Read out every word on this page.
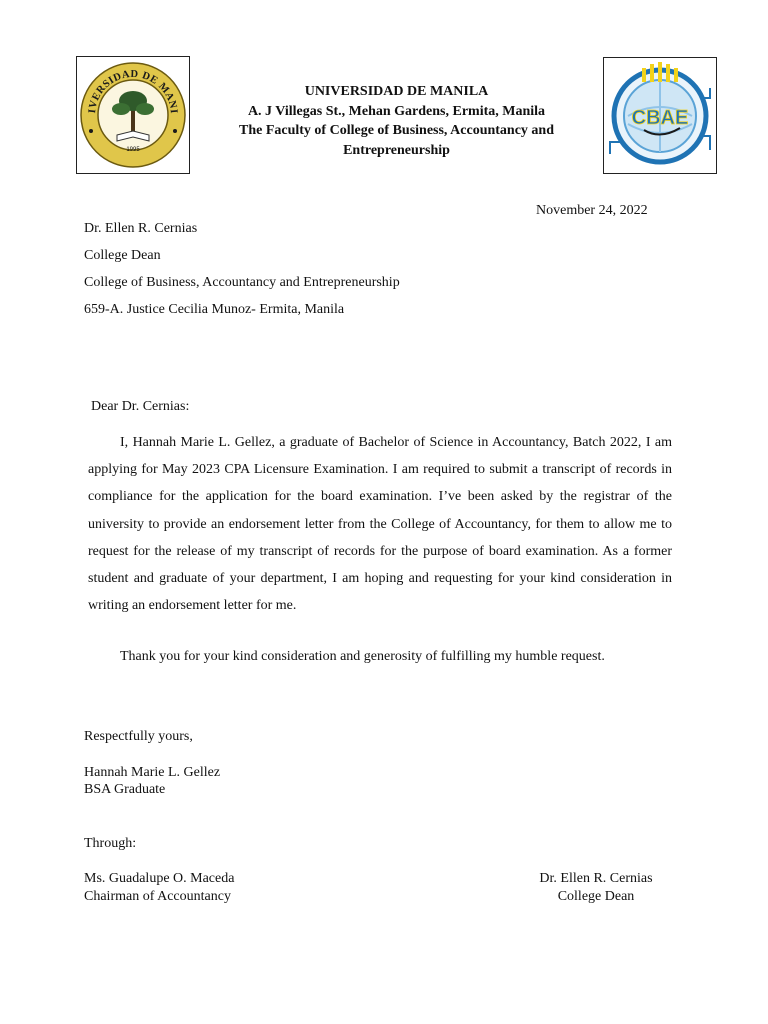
IVERSIDAD DE MANI
1995
UNIVERSIDAD DE MANILA
A. J Villegas St., Mehan Gardens, Ermita, Manila
The Faculty of College of Business, Accountancy and
Entrepreneurship
CBAE
November 24, 2022
Dr. Ellen R. Cernias
College Dean
College of Business, Accountancy and Entrepreneurship
659-A. Justice Cecilia Munoz- Ermita, Manila
Dear Dr. Cernias:
I, Hannah Marie L. Gellez, a graduate of Bachelor of Science in Accountancy, Batch 2022, I am applying for May 2023 CPA Licensure Examination. I am required to submit a transcript of records in compliance for the application for the board examination. I’ve been asked by the registrar of the university to provide an endorsement letter from the College of Accountancy, for them to allow me to request for the release of my transcript of records for the purpose of board examination. As a former student and graduate of your department, I am hoping and requesting for your kind consideration in writing an endorsement letter for me.
Thank you for your kind consideration and generosity of fulfilling my humble request.
Respectfully yours,
Hannah Marie L. Gellez
BSA Graduate
Through:
Ms. Guadalupe O. Maceda
Chairman of Accountancy
Dr. Ellen R. Cernias
College Dean
